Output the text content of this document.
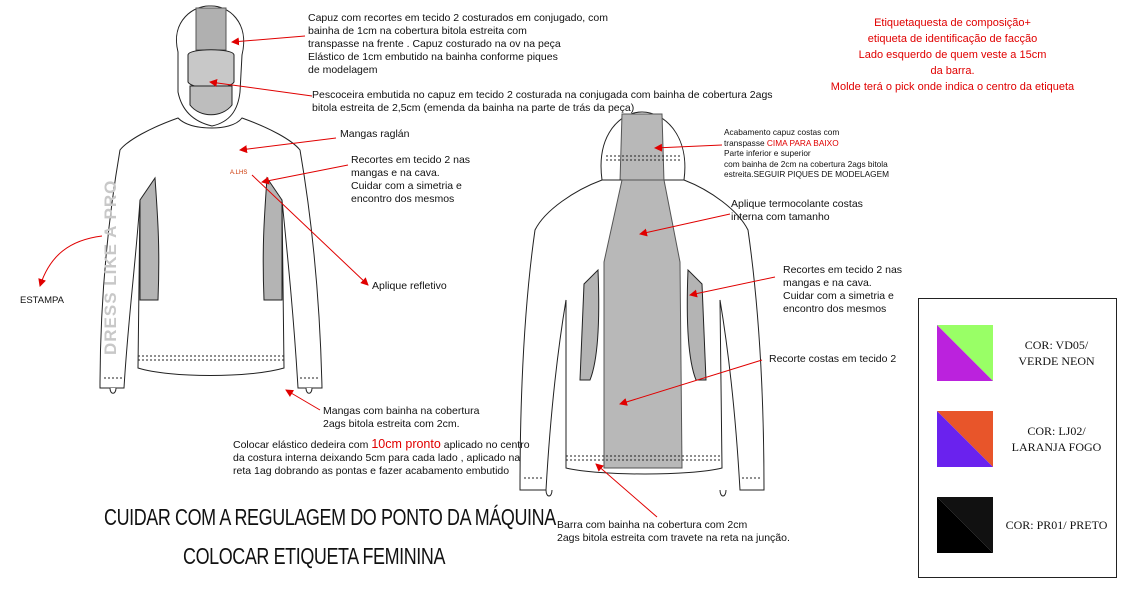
DRESS LIKE A PRO
A.LHS

Capuz com recortes em tecido 2 costurados em conjugado, com
bainha de 1cm na cobertura bitola estreita com
transpasse na frente . Capuz costurado na ov na peça
Elástico de 1cm embutido na bainha conforme piques
de modelagem

Pescoceira embutida no capuz em tecido 2 costurada na conjugada com bainha de cobertura 2ags
bitola estreita de 2,5cm (emenda da bainha na parte de trás da peça)

Mangas raglán

Recortes em tecido 2 nas
mangas e na cava.
Cuidar com a simetria e
encontro dos mesmos

Aplique refletivo

ESTAMPA

Mangas com bainha na cobertura
2ags bitola estreita com 2cm.

Colocar elástico dedeira com 10cm pronto aplicado no centro
da costura interna deixando 5cm para cada lado , aplicado na
reta 1ag dobrando as pontas e fazer acabamento embutido

Acabamento capuz costas com
transpasse CIMA PARA BAIXO
Parte inferior e superior
com bainha de 2cm na cobertura 2ags bitola
estreita.SEGUIR PIQUES DE MODELAGEM

Aplique termocolante costas
interna com tamanho

Recortes em tecido 2 nas
mangas e na cava.
Cuidar com a simetria e
encontro dos mesmos

Recorte costas em tecido 2

Barra com bainha na cobertura com 2cm
2ags bitola estreita com travete na reta na junção.

Etiquetaquesta de composição+
etiqueta de identificação de facção
Lado esquerdo de quem veste a 15cm
da barra.
Molde terá o pick onde indica o centro da etiqueta

CUIDAR COM A REGULAGEM DO PONTO DA MÁQUINA
COLOCAR ETIQUETA FEMININA
COR: VD05/
VERDE NEON
COR: LJ02/
LARANJA FOGO
COR: PR01/ PRETO
